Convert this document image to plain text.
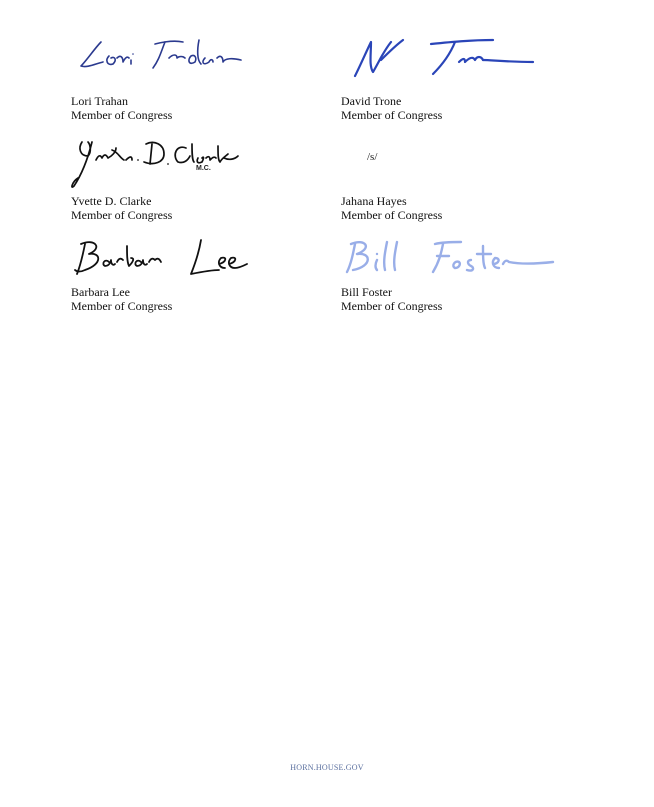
Lori Trahan
Member of Congress
David Trone
Member of Congress
M.C.
Yvette D. Clarke
Member of Congress
/s/
Jahana Hayes
Member of Congress
Barbara Lee
Member of Congress
Bill Foster
Member of Congress
HORN.HOUSE.GOV
